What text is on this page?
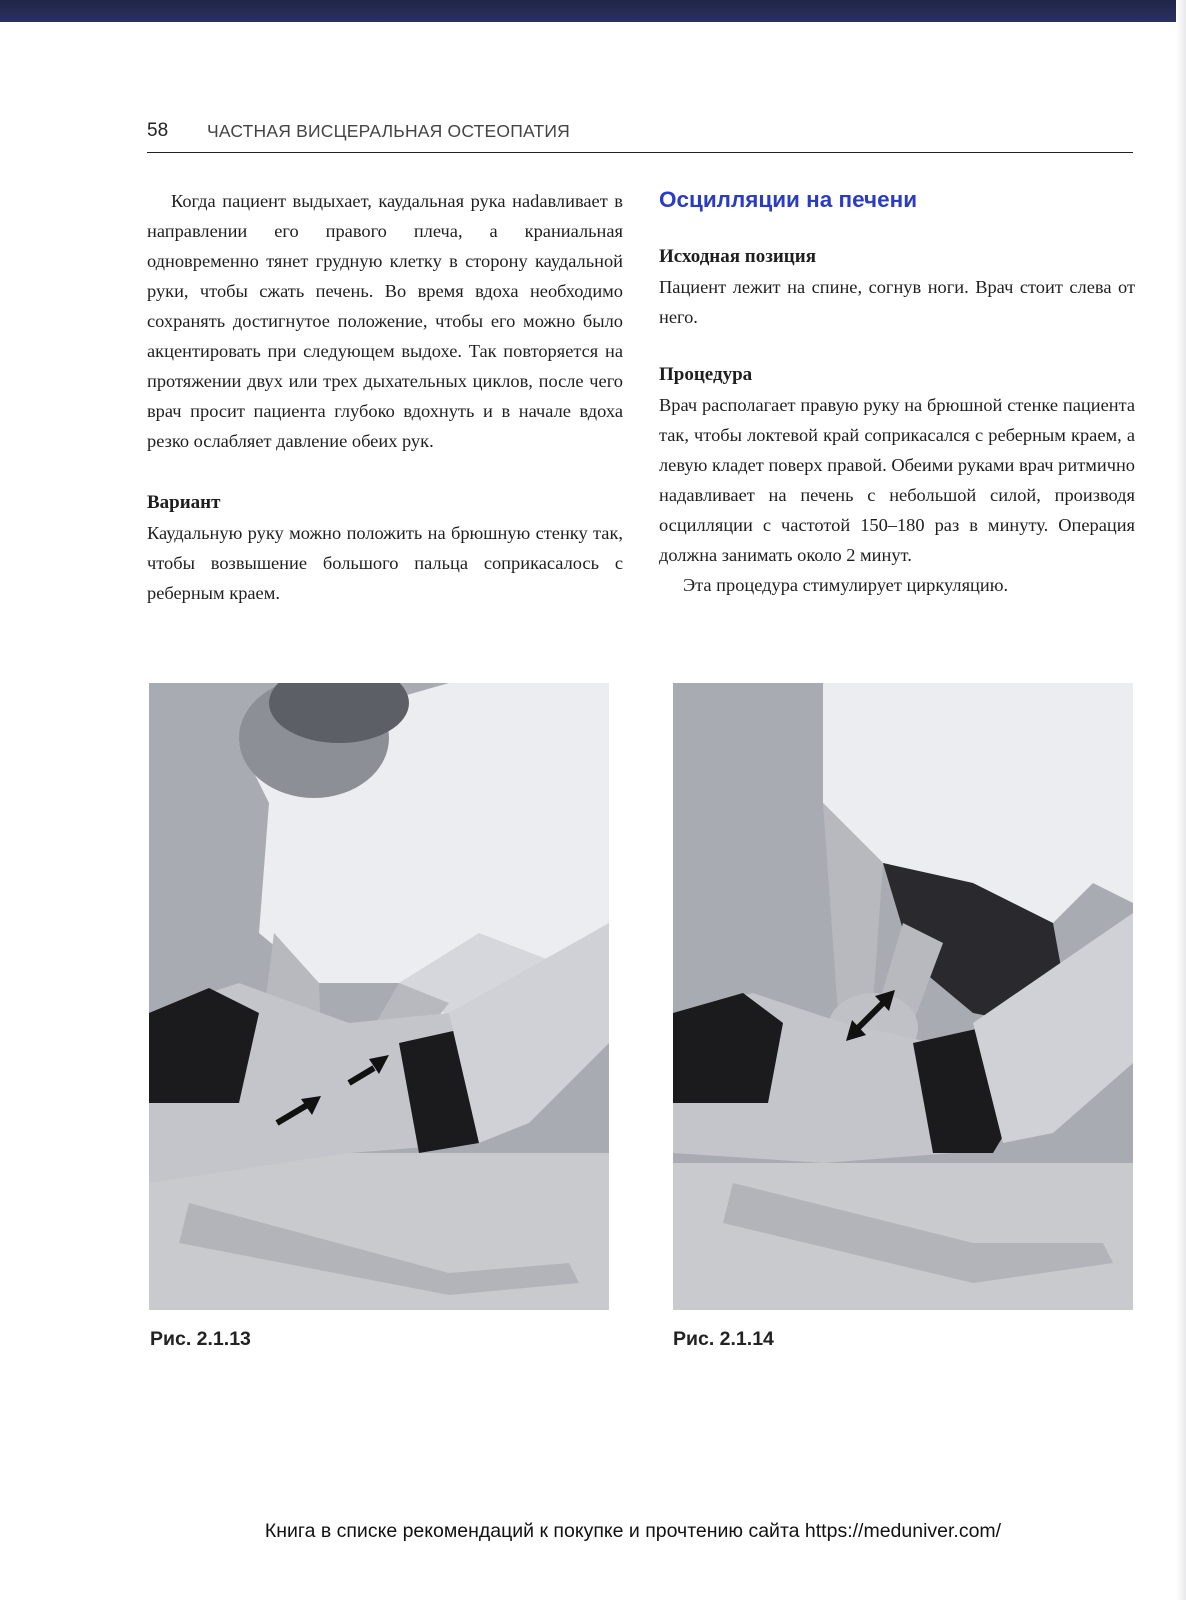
58 ЧАСТНАЯ ВИСЦЕРАЛЬНАЯ ОСТЕОПАТИЯ

Когда пациент выдыхает, каудальная рука наdавливает в направлении его правого плеча, а краниальная одновременно тянет грудную клетку в сторону каудальной руки, чтобы сжать печень. Во время вдоха необходимо сохранять достигнутое положение, чтобы его можно было акцентировать при следующем выдохе. Так повторяется на протяжении двух или трех дыхательных циклов, после чего врач просит пациента глубоко вдохнуть и в начале вдоха резко ослабляет давление обеих рук.

Вариант

Каудальную руку можно положить на брюшную стенку так, чтобы возвышение большого пальца соприкасалось с реберным краем.

Осцилляции на печени

Исходная позиция

Пациент лежит на спине, согнув ноги. Врач стоит слева от него.

Процедура

Врач располагает правую руку на брюшной стенке пациента так, чтобы локтевой край соприкасался с реберным краем, а левую кладет поверх правой. Обеими руками врач ритмично надавливает на печень с небольшой силой, производя осцилляции с частотой 150–180 раз в минуту. Операция должна занимать около 2 минут.

Эта процедура стимулирует циркуляцию.

Рис. 2.1.13	Рис. 2.1.14
Книга в списке рекомендаций к покупке и прочтению сайта https://meduniver.com/
